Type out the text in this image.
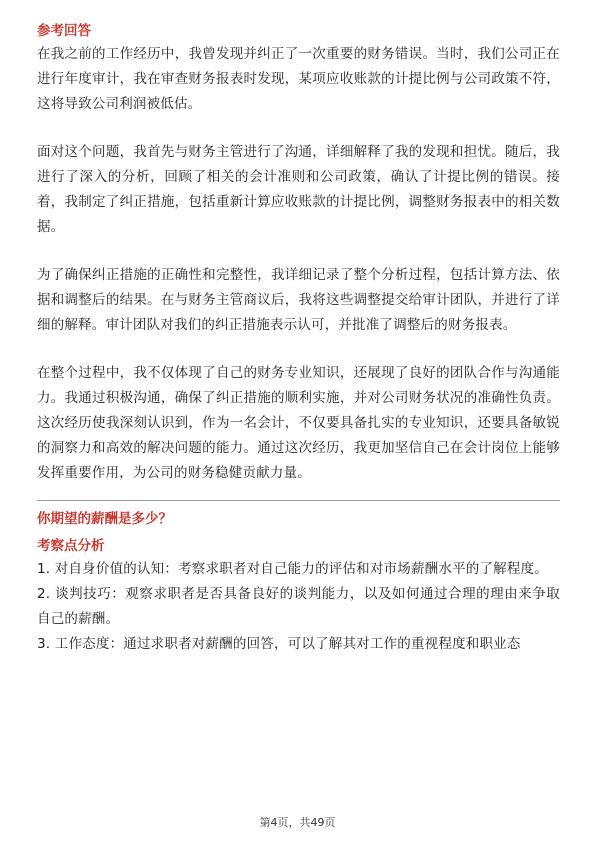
参考回答

在我之前的工作经历中，我曾发现并纠正了一次重要的财务错误。当时，我们公司正在进行年度审计，我在审查财务报表时发现，某项应收账款的计提比例与公司政策不符，这将导致公司利润被低估。

面对这个问题，我首先与财务主管进行了沟通，详细解释了我的发现和担忧。随后，我进行了深入的分析，回顾了相关的会计准则和公司政策，确认了计提比例的错误。接着，我制定了纠正措施，包括重新计算应收账款的计提比例，调整财务报表中的相关数据。

为了确保纠正措施的正确性和完整性，我详细记录了整个分析过程，包括计算方法、依据和调整后的结果。在与财务主管商议后，我将这些调整提交给审计团队，并进行了详细的解释。审计团队对我们的纠正措施表示认可，并批准了调整后的财务报表。

在整个过程中，我不仅体现了自己的财务专业知识，还展现了良好的团队合作与沟通能力。我通过积极沟通，确保了纠正措施的顺利实施，并对公司财务状况的准确性负责。这次经历使我深刻认识到，作为一名会计，不仅要具备扎实的专业知识，还要具备敏锐的洞察力和高效的解决问题的能力。通过这次经历，我更加坚信自己在会计岗位上能够发挥重要作用，为公司的财务稳健贡献力量。

你期望的薪酬是多少？

考察点分析

1. 对自身价值的认知：考察求职者对自己能力的评估和对市场薪酬水平的了解程度。

2. 谈判技巧：观察求职者是否具备良好的谈判能力，以及如何通过合理的理由来争取自己的薪酬。

3. 工作态度：通过求职者对薪酬的回答，可以了解其对工作的重视程度和职业态

第4页，共49页
